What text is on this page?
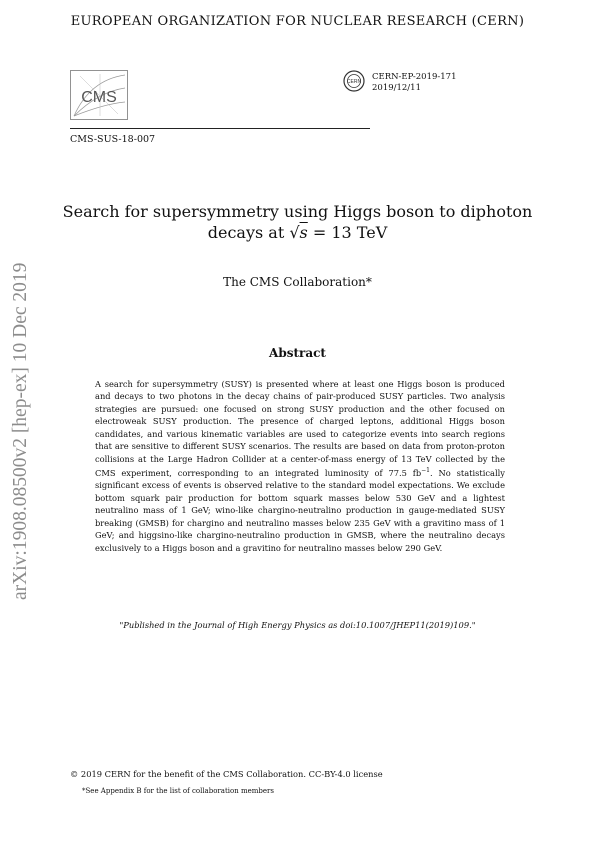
EUROPEAN ORGANIZATION FOR NUCLEAR RESEARCH (CERN)
CMS
CERN CERN-EP-2019-171
2019/12/11
CMS-SUS-18-007
Search for supersymmetry using Higgs boson to diphoton
decays at √s = 13 TeV
The CMS Collaboration*
Abstract
A search for supersymmetry (SUSY) is presented where at least one Higgs boson is produced and decays to two photons in the decay chains of pair-produced SUSY particles. Two analysis strategies are pursued: one focused on strong SUSY production and the other focused on electroweak SUSY production. The presence of charged leptons, additional Higgs boson candidates, and various kinematic variables are used to categorize events into search regions that are sensitive to different SUSY scenarios. The results are based on data from proton-proton collisions at the Large Hadron Collider at a center-of-mass energy of 13 TeV collected by the CMS experiment, corresponding to an integrated luminosity of 77.5 $fb^{-1}$. No statistically significant excess of events is observed relative to the standard model expectations. We exclude bottom squark pair production for bottom squark masses below 530 GeV and a lightest neutralino mass of 1 GeV; wino-like chargino-neutralino production in gauge-mediated SUSY breaking (GMSB) for chargino and neutralino masses below 235 GeV with a gravitino mass of 1 GeV; and higgsino-like chargino-neutralino production in GMSB, where the neutralino decays exclusively to a Higgs boson and a gravitino for neutralino masses below 290 GeV.
"Published in the Journal of High Energy Physics as doi:10.1007/JHEP11(2019)109."
© 2019 CERN for the benefit of the CMS Collaboration. CC-BY-4.0 license
*See Appendix B for the list of collaboration members
arXiv:1908.08500v2 [hep-ex] 10 Dec 2019
